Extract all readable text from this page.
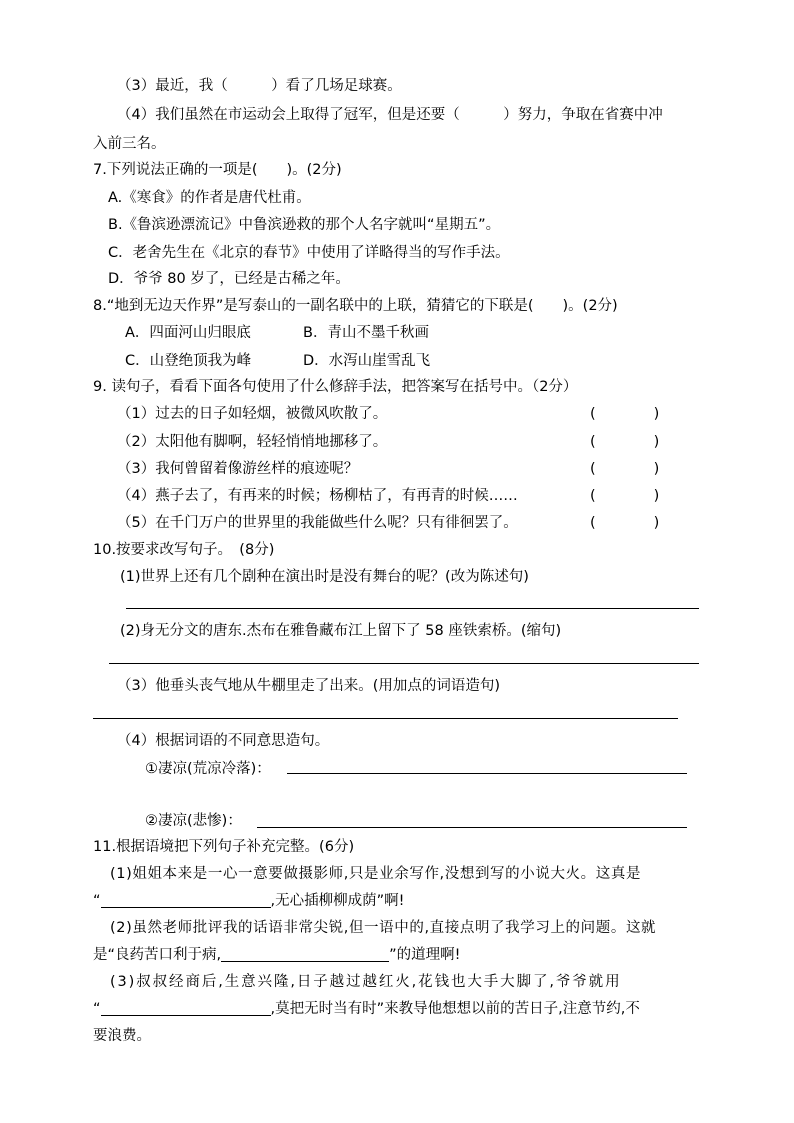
（3）最近，我（　　　）看了几场足球赛。
（4）我们虽然在市运动会上取得了冠军，但是还要（　　　）努力，争取在省赛中冲
入前三名。
7.下列说法正确的一项是(　　)。(2分)
A.《寒食》的作者是唐代杜甫。
B.《鲁滨逊漂流记》中鲁滨逊救的那个人名字就叫“星期五”。
C．老舍先生在《北京的春节》中使用了详略得当的写作手法。
D．爷爷 80 岁了，已经是古稀之年。
8.“地到无边天作界”是写泰山的一副名联中的上联，猜猜它的下联是(　　)。(2分)
A．四面河山归眼底	B．青山不墨千秋画
C．山登绝顶我为峰	D．水泻山崖雪乱飞
9. 读句子，看看下面各句使用了什么修辞手法，把答案写在括号中。（2分）
（1）过去的日子如轻烟，被微风吹散了。	(　　　　)
（2）太阳他有脚啊，轻轻悄悄地挪移了。	(　　　　)
（3）我何曾留着像游丝样的痕迹呢？	(　　　　)
（4）燕子去了，有再来的时候；杨柳枯了，有再青的时候……	(　　　　)
（5）在千门万户的世界里的我能做些什么呢？只有徘徊罢了。	(　　　　)
10.按要求改写句子。　(8分)
(1)世界上还有几个剧种在演出时是没有舞台的呢？(改为陈述句)
(2)身无分文的唐东.杰布在雅鲁藏布江上留下了 58 座铁索桥。(缩句)
（3）他垂头丧气地从牛棚里走了出来。(用加点的词语造句)
（4）根据词语的不同意思造句。
①凄凉(荒凉冷落)：
②凄凉(悲惨)：
11.根据语境把下列句子补充完整。(6分)
(1)姐姐本来是一心一意要做摄影师,只是业余写作,没想到写的小说大火。这真是
“	,无心插柳柳成荫”啊!
(2)虽然老师批评我的话语非常尖锐,但一语中的,直接点明了我学习上的问题。这就
是“良药苦口利于病,	”的道理啊!
(3)叔叔经商后,生意兴隆,日子越过越红火,花钱也大手大脚了,爷爷就用
“	,莫把无时当有时”来教导他想想以前的苦日子,注意节约,不
要浪费。
